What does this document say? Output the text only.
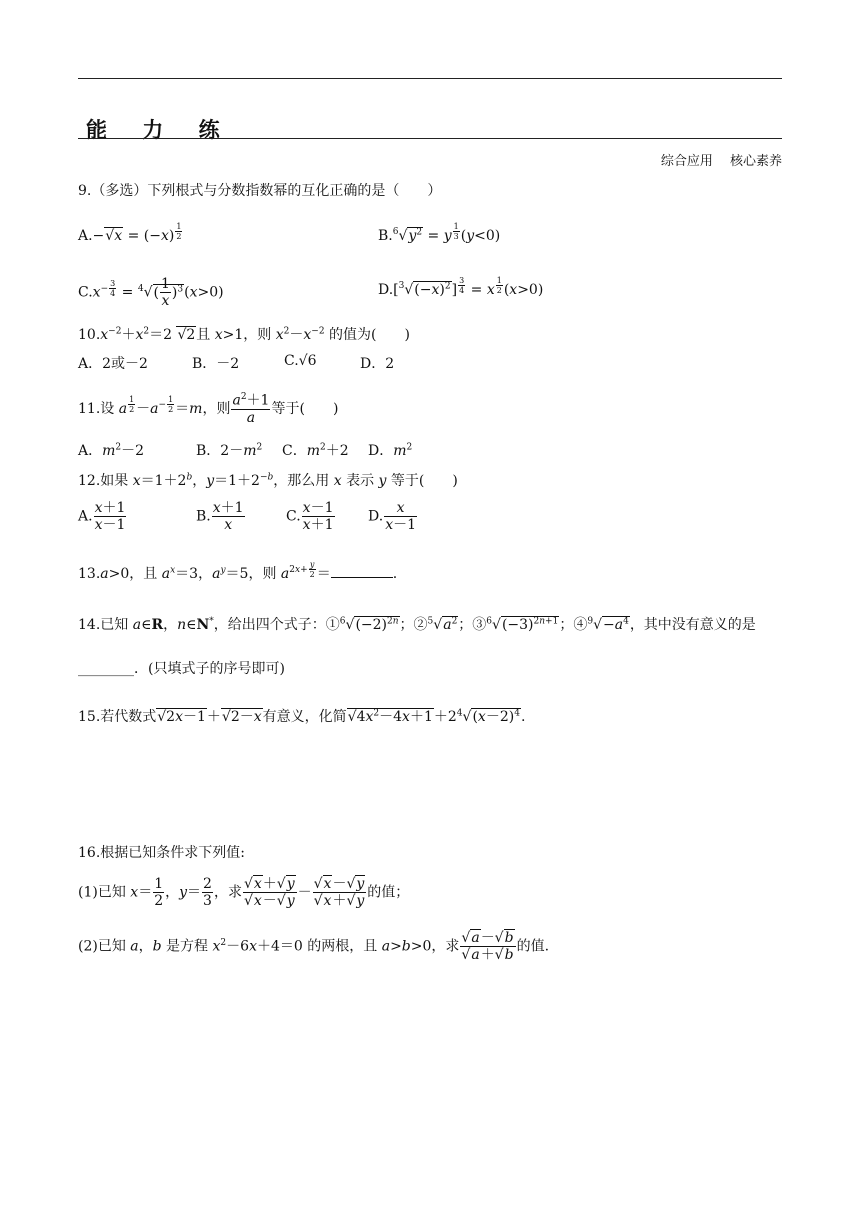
能 力 练
综合应用　 核心素养
9.（多选）下列根式与分数指数幂的互化正确的是（　　）
A.−√x = (−x) $^{\frac{1}{2}}$	$B.^6√y^2 = y$ $^{\frac{1}{3}}$ (y<0)
$C.x^{- \frac{3}{4}} = ^4√( \frac{1}{x} )^3(x>0)$	$D.[^3√(-x)^2] ^{\frac{3}{4}} = x$ $^{\frac{1}{2}}$ (x>0)
$10.x^{-2}+x^2=2$ √2且 x>1，则 $x^2-x^{-2}$ 的值为( )
A．2或－2	B．－2	C.√6	D．2
11.设 a $^{\frac{1}{2}} -a^{- \frac{1}{2}} =m$，则 $\frac{a^2+1}{a}$ 等于( )
A．$m^2-2$	B．$2-m^2$ C．$m^2+2$ D．$m^2$
12.如果 $x=1+2^b$，$y=1+2^{-b}$，那么用 x 表示 y 等于( )
A. $\frac{x+1}{x-1}$	B. $\frac{x+1}{x}$	C. $\frac{x-1}{x+1} D$. $\frac{x}{x-1}$
13.a>0，且 $a^x=3$，$a^y=5$，则 $a^{2x+ \frac{y}{2}}$ ＝	.
14.已知 a∈R，n∈N*，给出四个式子：$①^6√(-2)^{2n}$；$②^5√a^2$；$③^6√(-3)^{2n+1}$；$④^9√-a^4$，其中没有意义的是
________．(只填式子的序号即可)
15.若代数式√2x－1＋√2－x有意义，化简$√4x^2-4x+1+2^4√(x-2)^4$.
16.根据已知条件求下列值:
(1)已知 $x= \frac{1}{2}$ ，$y= \frac{2}{3}$ ，求 $\frac{√x+√y}{√x-√y} - \frac{√x-√y}{√x+√y}$ 的值；
(2)已知 a，b 是方程 $x^2-6x+4=0$ 的两根，且 a>b>0，求 $\frac{√a-√b}{√a+√b}$ 的值.
